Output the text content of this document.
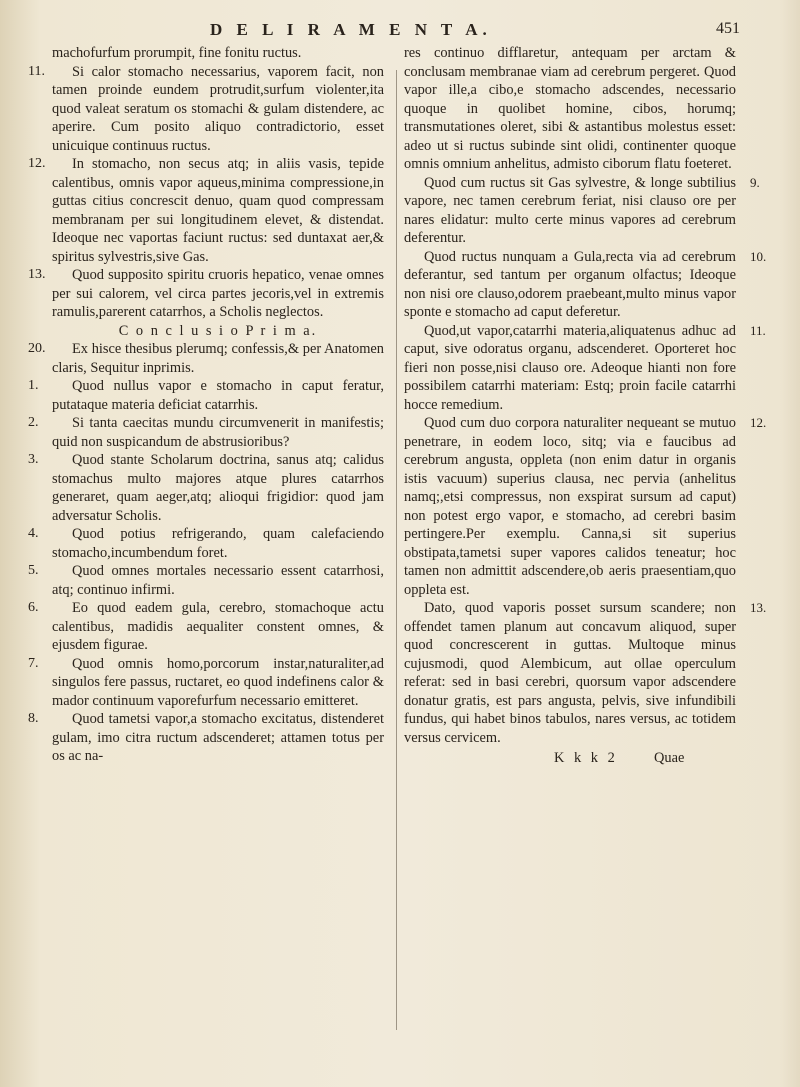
D E L I R A M E N T A.	451
machofurfum prorumpit, fine fonitu ructus.
11.	Si calor stomacho necessarius, vaporem facit, non tamen proinde eundem protrudit,surfum violenter,ita quod valeat seratum os stomachi & gulam distendere, ac aperire. Cum posito aliquo contradictorio, esset unicuique continuus ructus.
12.	In stomacho, non secus atq; in aliis vasis, tepide calentibus, omnis vapor aqueus,minima compressione,in guttas citius concrescit denuo, quam quod compressam membranam per sui longitudinem elevet, & distendat. Ideoque nec vaportas faciunt ructus: sed duntaxat aer,& spiritus sylvestris,sive Gas.
13.	Quod supposito spiritu cruoris hepatico, venae omnes per sui calorem, vel circa partes jecoris,vel in extremis ramulis,parerent catarrhos, a Scholis neglectos.
C o n c l u s i o P r i m a.
20.	Ex hisce thesibus plerumq; confessis,& per Anatomen claris, Sequitur inprimis.
1.	Quod nullus vapor e stomacho in caput feratur, putataque materia deficiat catarrhis.
2.	Si tanta caecitas mundu circumvenerit in manifestis; quid non suspicandum de abstrusioribus?
3.	Quod stante Scholarum doctrina, sanus atq; calidus stomachus multo majores atque plures catarrhos generaret, quam aeger,atq; alioqui frigidior: quod jam adversatur Scholis.
4.	Quod potius refrigerando, quam calefaciendo stomacho,incumbendum foret.
5.	Quod omnes mortales necessario essent catarrhosi, atq; continuo infirmi.
6.	Eo quod eadem gula, cerebro, stomachoque actu calentibus, madidis aequaliter constent omnes, & ejusdem figurae.
7.	Quod omnis homo,porcorum instar,naturaliter,ad singulos fere passus, ructaret, eo quod indefinens calor & mador continuum vaporefurfum necessario emitteret.
8.	Quod tametsi vapor,a stomacho excitatus, distenderet gulam, imo citra ructum adscenderet; attamen totus per os ac na-
res continuo difflaretur, antequam per arctam & conclusam membranae viam ad cerebrum pergeret. Quod vapor ille,a cibo,e stomacho adscendes, necessario quoque in quolibet homine, cibos, horumq; transmutationes oleret, sibi & astantibus molestus esset: adeo ut si ructus subinde sint olidi, continenter quoque omnis omnium anhelitus, admisto ciborum flatu foeteret.
Quod cum ructus sit Gas sylvestre, & longe subtilius vapore, nec tamen cerebrum feriat, nisi clauso ore per nares elidatur: multo certe minus vapores ad cerebrum deferentur.
9.
Quod ructus nunquam a Gula,recta via ad cerebrum deferantur, sed tantum per organum olfactus; Ideoque non nisi ore clauso,odorem praebeant,multo minus vapor sponte e stomacho ad caput deferetur.
10.
Quod,ut vapor,catarrhi materia,aliquatenus adhuc ad caput, sive odoratus organu, adscenderet. Oporteret hoc fieri non posse,nisi clauso ore. Adeoque hianti non fore possibilem catarrhi materiam: Estq; proin facile catarrhi hocce remedium.
11.
Quod cum duo corpora naturaliter nequeant se mutuo penetrare, in eodem loco, sitq; via e faucibus ad cerebrum angusta, oppleta (non enim datur in organis istis vacuum) superius clausa, nec pervia (anhelitus namq;,etsi compressus, non exspirat sursum ad caput) non potest ergo vapor, e stomacho, ad cerebri basim pertingere.Per exemplu. Canna,si sit superius obstipata,tametsi super vapores calidos teneatur; hoc tamen non admittit adscendere,ob aeris praesentiam,quo oppleta est.
12.
Dato, quod vaporis posset sursum scandere; non offendet tamen planum aut concavum aliquod, super quod concrescerent in guttas. Multoque minus cujusmodi, quod Alembicum, aut ollae operculum referat: sed in basi cerebri, quorsum vapor adscendere donatur gratis, est pars angusta, pelvis, sive infundibili fundus, qui habet binos tabulos, nares versus, ac totidem versus cervicem.
13.
K k k 2	Quae
